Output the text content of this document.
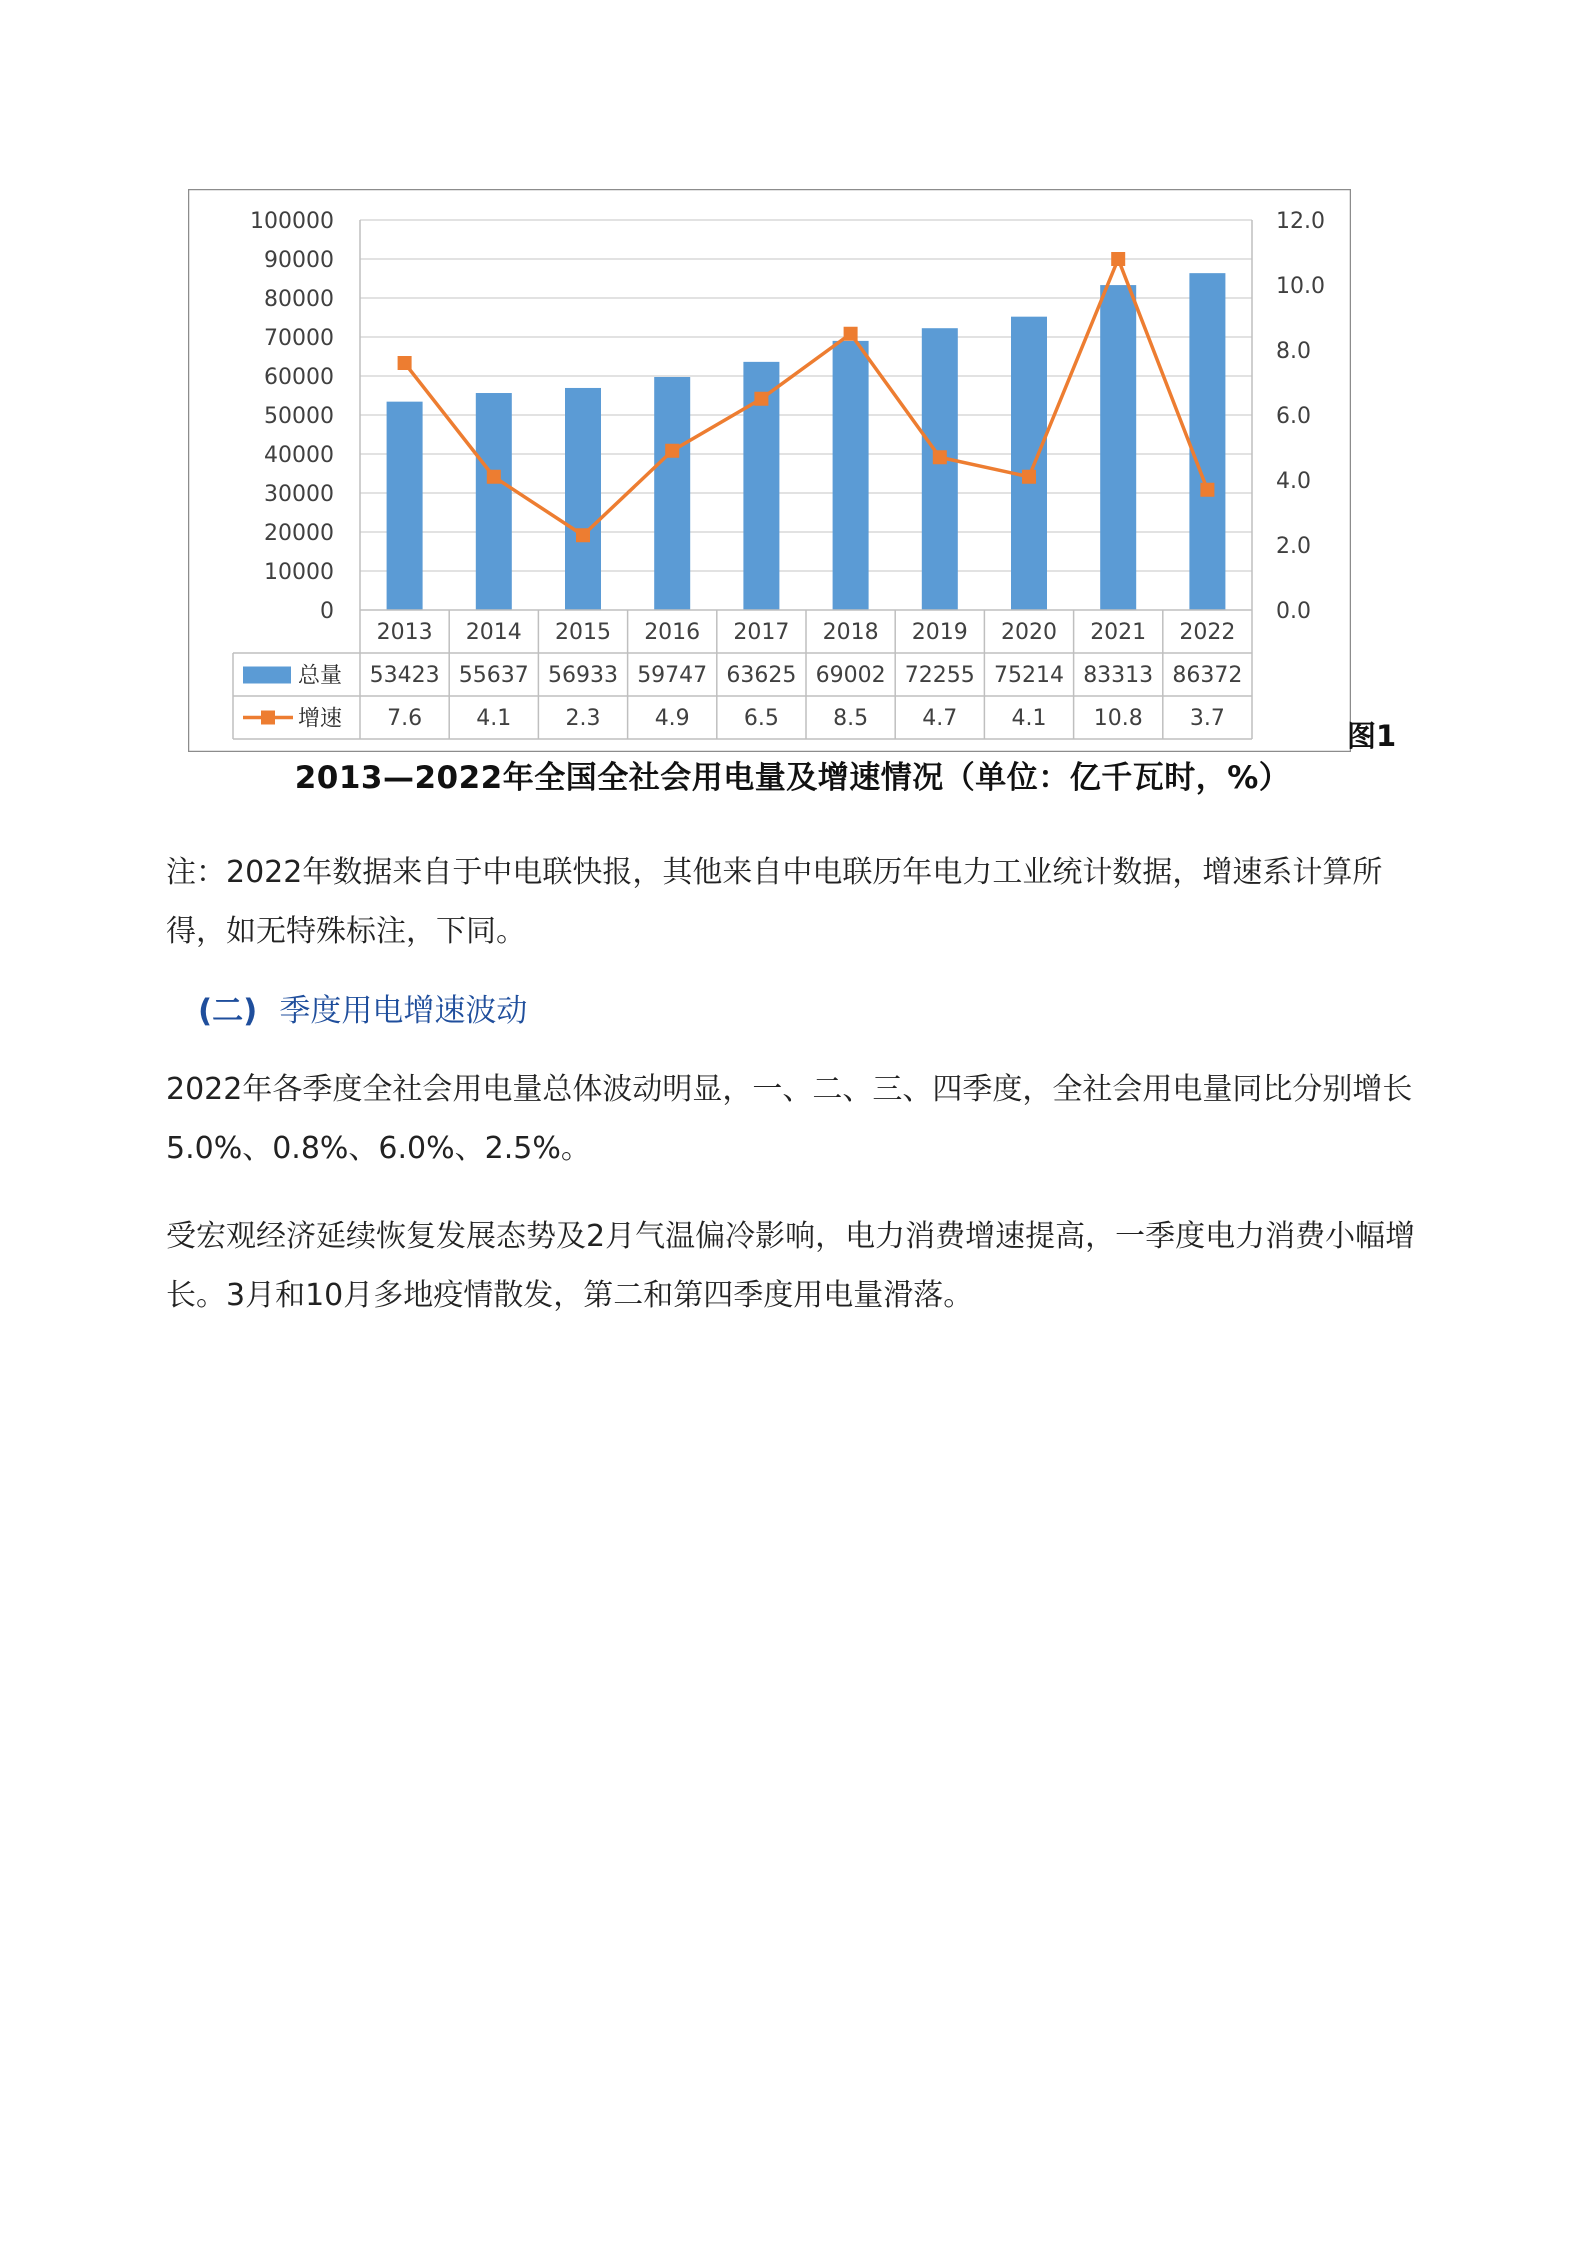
0
10000
20000
30000
40000
50000
60000
70000
80000
90000
100000
0.0
2.0
4.0
6.0
8.0
10.0
12.0
2013 2014 2015 2016 2017 2018 2019 2020 2021 2022
53423 55637 56933 59747 63625 69002 72255 75214 83313 86372
7.6 4.1 2.3 4.9 6.5 8.5 4.7 4.1 10.8 3.7
总量
增速	图1
2013—2022年全国全社会用电量及增速情况（单位：亿千瓦时，%）
注：2022年数据来自于中电联快报，其他来自中电联历年电力工业统计数据，增速系计算所得，如无特殊标注，下同。
(二) 季度用电增速波动
2022年各季度全社会用电量总体波动明显，一、二、三、四季度，全社会用电量同比分别增长5.0%、0.8%、6.0%、2.5%。
受宏观经济延续恢复发展态势及2月气温偏冷影响，电力消费增速提高，一季度电力消费小幅增长。3月和10月多地疫情散发，第二和第四季度用电量滑落。
